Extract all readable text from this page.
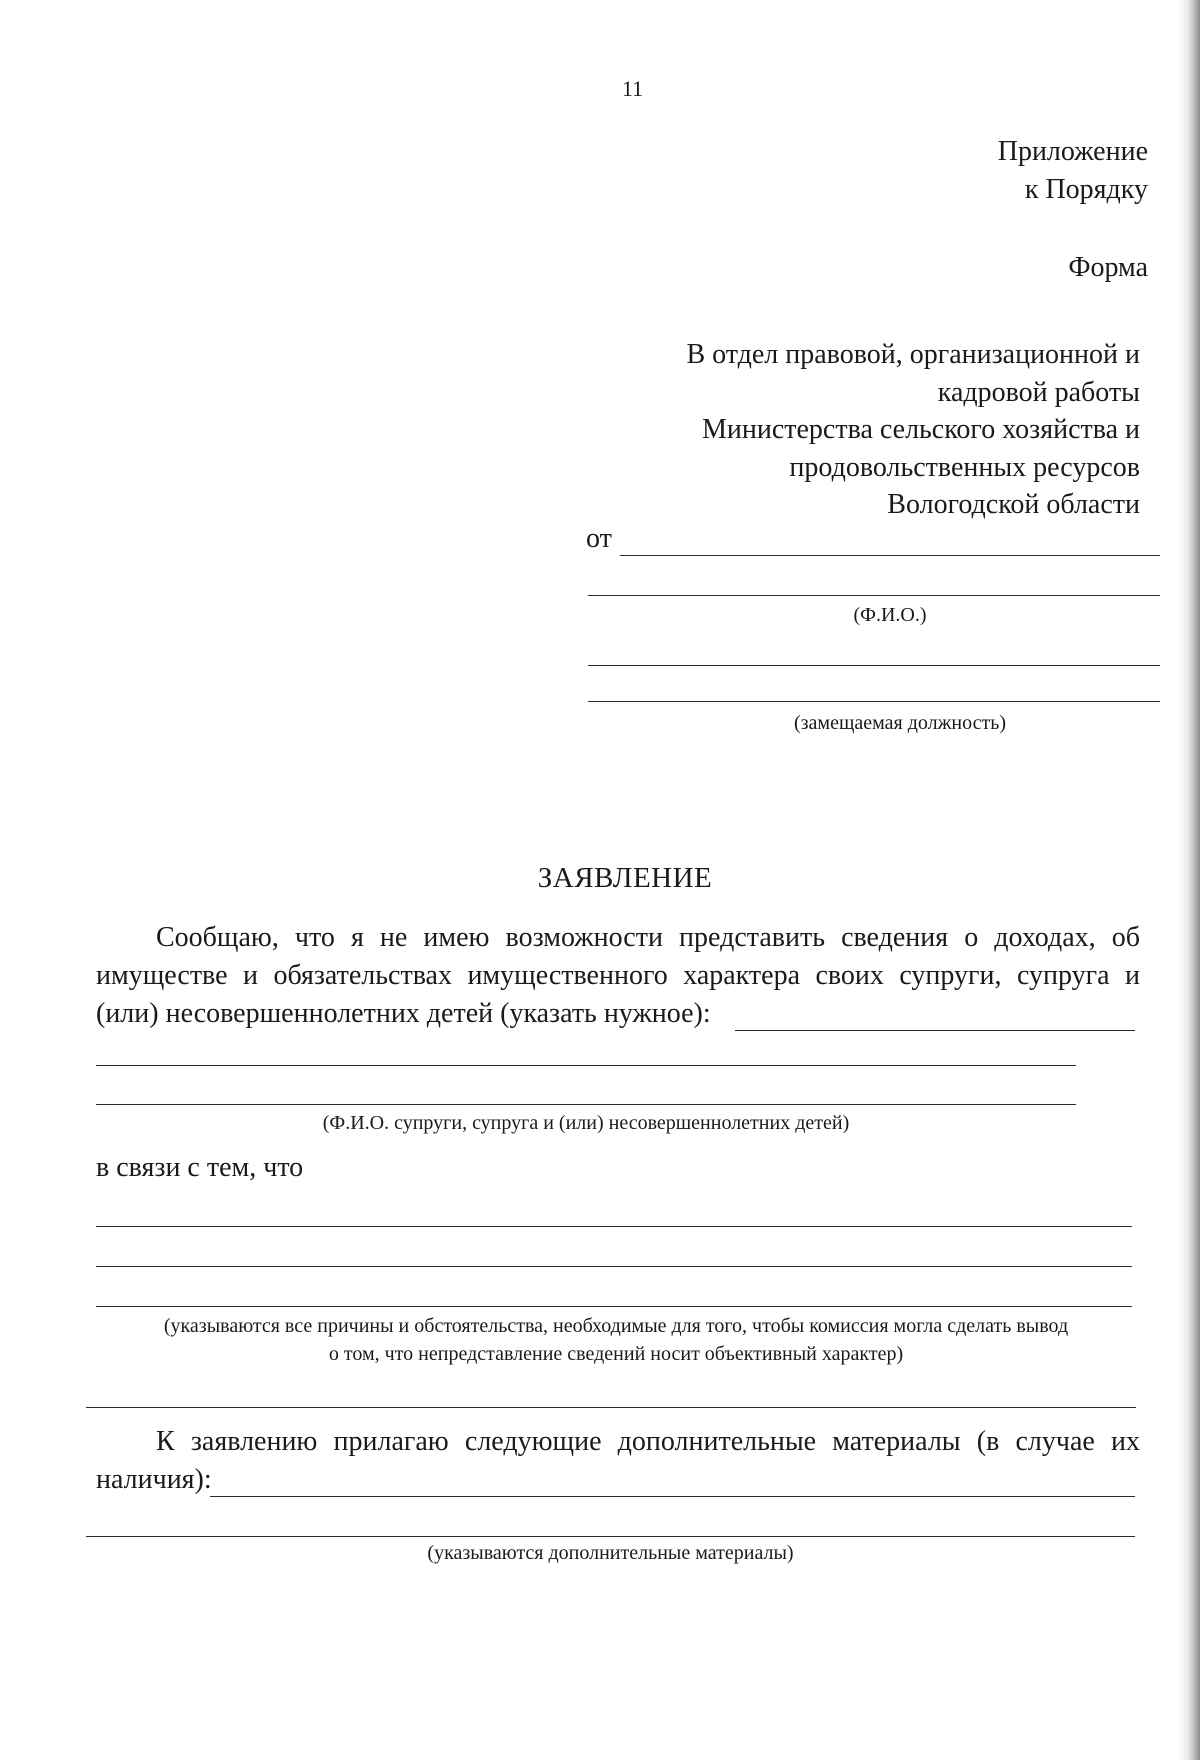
11
Приложение
к Порядку
Форма
В отдел правовой, организационной и
кадровой работы
Министерства сельского хозяйства и
продовольственных ресурсов
Вологодской области
от
(Ф.И.О.)
(замещаемая должность)
ЗАЯВЛЕНИЕ
Сообщаю, что я не имею возможности представить сведения о доходах, об
имуществе и обязательствах имущественного характера своих супруги, супруга и
(или) несовершеннолетних детей (указать нужное):
(Ф.И.О. супруги, супруга и (или) несовершеннолетних детей)
в связи с тем, что
(указываются все причины и обстоятельства, необходимые для того, чтобы комиссия могла сделать вывод
о том, что непредставление сведений носит объективный характер)
К заявлению прилагаю следующие дополнительные материалы (в случае их
наличия):
(указываются дополнительные материалы)
